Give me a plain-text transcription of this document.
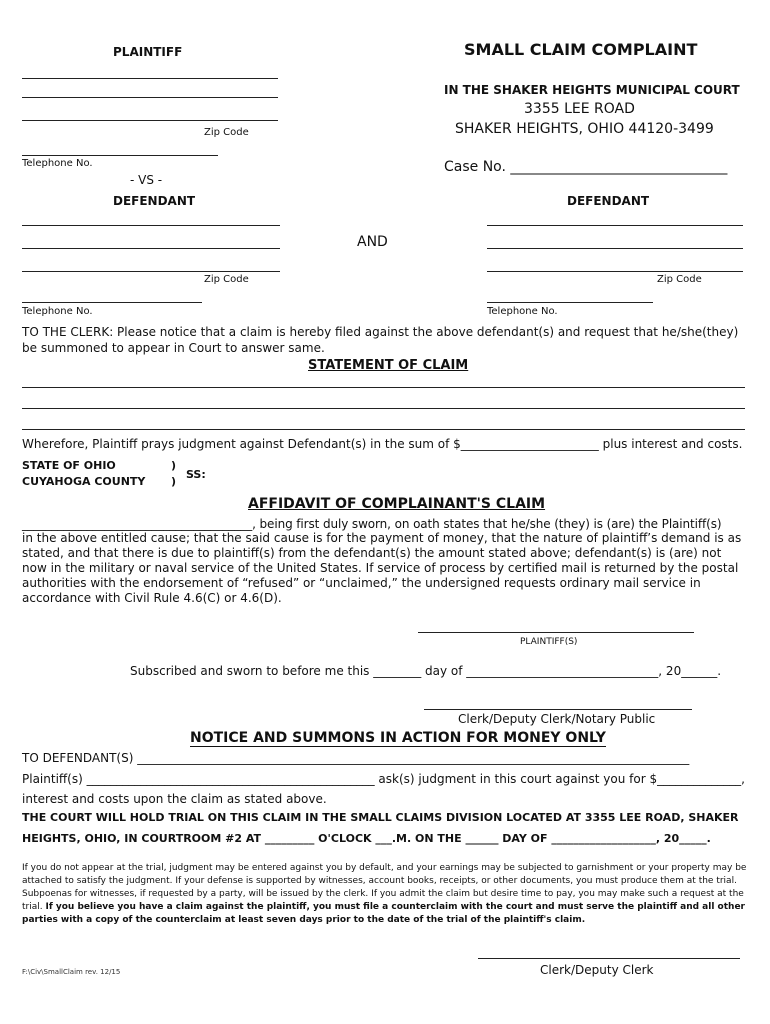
PLAINTIFF	SMALL CLAIM COMPLAINT
Zip Code
Telephone No.
IN THE SHAKER HEIGHTS MUNICIPAL COURT
3355 LEE ROAD
SHAKER HEIGHTS, OHIO 44120-3499
Case No. _______________________________
- VS -
DEFENDANT	DEFENDANT
Zip Code
Telephone No.
AND
Zip Code
Telephone No.
TO THE CLERK: Please notice that a claim is hereby filed against the above defendant(s) and request that he/she(they) be summoned to appear in Court to answer same.
STATEMENT OF CLAIM
Wherefore, Plaintiff prays judgment against Defendant(s) in the sum of $_______________________ plus interest and costs.
STATE OF OHIO
CUYAHOGA COUNTY
)
)
SS:
AFFIDAVIT OF COMPLAINANT'S CLAIM
_______________________________________, being first duly sworn, on oath states that he/she (they) is (are) the Plaintiff(s)
in the above entitled cause; that the said cause is for the payment of money, that the nature of plaintiff’s demand is as stated, and that there is due to plaintiff(s) from the defendant(s) the amount stated above; defendant(s) is (are) not now in the military or naval service of the United States. If service of process by certified mail is returned by the postal authorities with the endorsement of “refused” or “unclaimed,” the undersigned requests ordinary mail service in accordance with Civil Rule 4.6(C) or 4.6(D).
PLAINTIFF(S)
Subscribed and sworn to before me this ________ day of ________________________________, 20______.
Clerk/Deputy Clerk/Notary Public
NOTICE AND SUMMONS IN ACTION FOR MONEY ONLY
TO DEFENDANT(S) ____________________________________________________________________________________________
Plaintiff(s) ________________________________________________ ask(s) judgment in this court against you for $______________,
interest and costs upon the claim as stated above.
THE COURT WILL HOLD TRIAL ON THIS CLAIM IN THE SMALL CLAIMS DIVISION LOCATED AT 3355 LEE ROAD, SHAKER
HEIGHTS, OHIO, IN COURTROOM #2 AT _________ O'CLOCK ___.M. ON THE ______ DAY OF ___________________, 20_____.
If you do not appear at the trial, judgment may be entered against you by default, and your earnings may be subjected to garnishment or your property may be attached to satisfy the judgment. If your defense is supported by witnesses, account books, receipts, or other documents, you must produce them at the trial. Subpoenas for witnesses, if requested by a party, will be issued by the clerk. If you admit the claim but desire time to pay, you may make such a request at the trial. If you believe you have a claim against the plaintiff, you must file a counterclaim with the court and must serve the plaintiff and all other parties with a copy of the counterclaim at least seven days prior to the date of the trial of the plaintiff's claim.
Clerk/Deputy Clerk
F:\Civ\SmallClaim rev. 12/15
